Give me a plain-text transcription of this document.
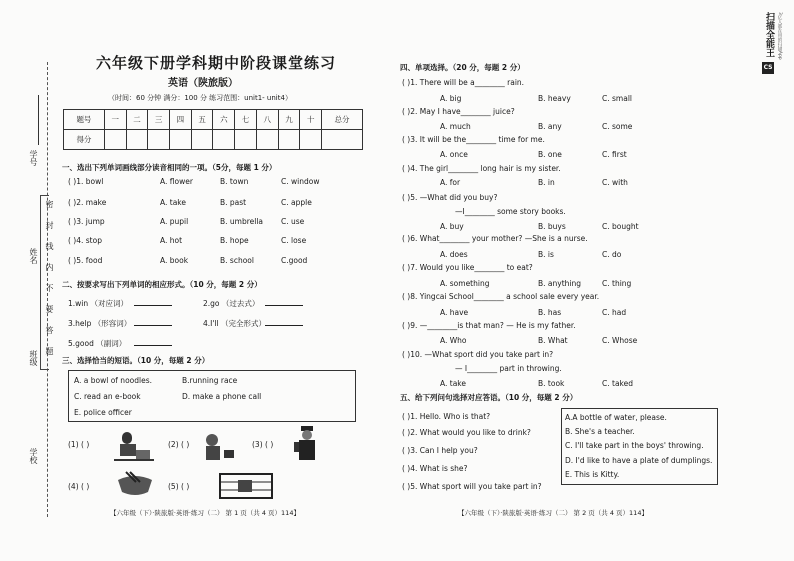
CS
扫描全能王 3亿人都在用的扫描App
学号
姓名
班级
学校
密
封
线
内
不
要
答
题
六年级下册学科期中阶段课堂练习
英语（陕旅版）
（时间：60 分钟 满分：100 分 练习范围：unit1- unit4）
题号	一	二	三	四	五	六	七	八	九	十	总分
得分											
一、选出下列单词画线部分读音相同的一项。（5分，每题 1 分）
( )1. bowl	A. flower	B. town	C. window
( )2. make	A. take	B. past	C. apple
( )3. jump	A. pupil	B. umbrella C. use
( )4. stop	A. hot	B. hope	C. lose
( )5. food	A. book	B. school	C.good
二、按要求写出下列单词的相应形式。（10 分，每题 2 分）
1.win （对应词）	2.go （过去式）
3.help （形容词）	4.I'll （完全形式）
5.good （副词）
三、选择恰当的短语。（10 分，每题 2 分）
A. a bowl of noodles.	B.running race
C. read an e-book	D. make a phone call
E. police officer
(1) ( )	(2) ( )	(3) ( )
(4) ( )	(5) ( )
【六年级（下）·陕旅版·英语·练习（二） 第 1 页（共 4 页）114】
四、单项选择。（20 分，每题 2 分）
( )1. There will be a________ rain.
A. big	B. heavy	C. small
( )2. May I have________ juice?
A. much	B. any	C. some
( )3. It will be the________ time for me.
A. once	B. one	C. first
( )4. The girl________ long hair is my sister.
A. for	B. in	C. with
( )5. —What did you buy?
—I________ some story books.
A. buy	B. buys	C. bought
( )6. What________ your mother? —She is a nurse.
A. does	B. is	C. do
( )7. Would you like________ to eat?
A. something	B. anything	C. thing
( )8. Yingcai School________ a school sale every year.
A. have	B. has	C. had
( )9. —________is that man? — He is my father.
A. Who	B. What	C. Whose
( )10. —What sport did you take part in?
— I________ part in throwing.
A. take	B. took	C. taked
五、给下列问句选择对应答语。（10 分，每题 2 分）
( )1. Hello. Who is that?
( )2. What would you like to drink?
( )3. Can I help you?
( )4. What is she?
( )5. What sport will you take part in?
A.A bottle of water, please.
B. She's a teacher.
C. I'll take part in the boys' throwing.
D. I'd like to have a plate of dumplings.
E. This is Kitty.
【六年级（下）·陕旅版·英语·练习（二） 第 2 页（共 4 页）114】
